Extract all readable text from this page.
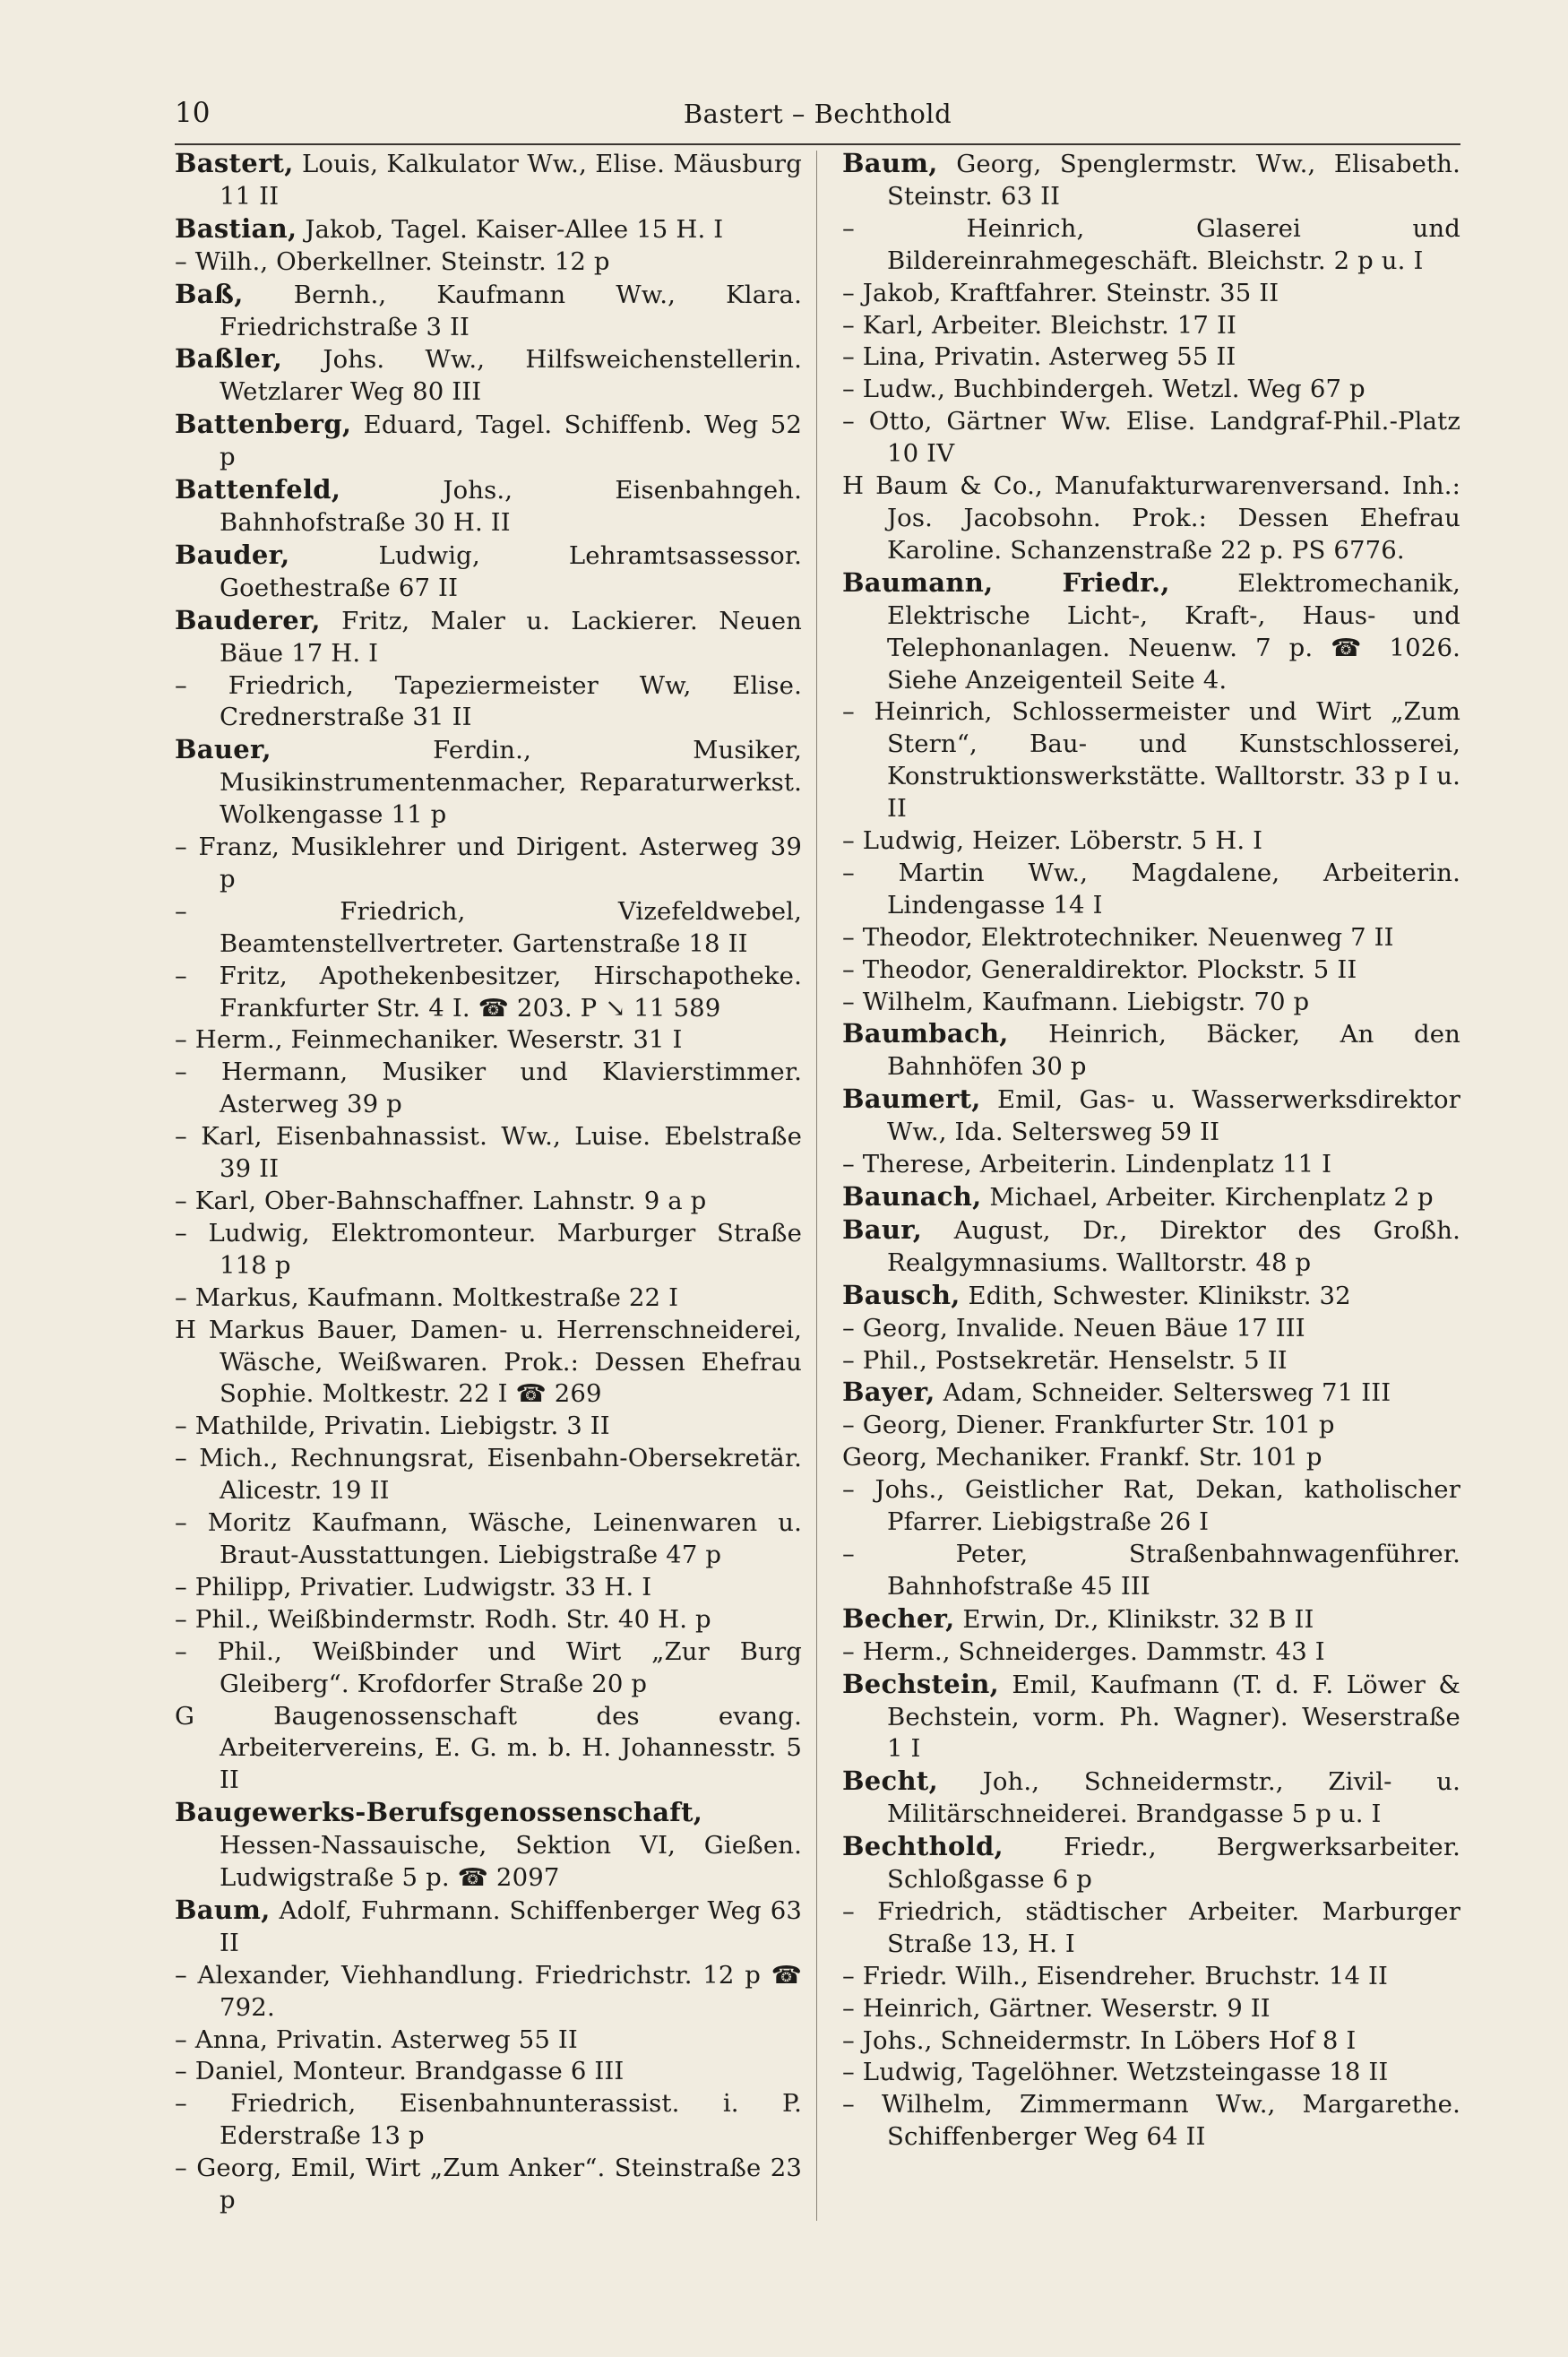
10	Bastert – Bechthold
Bastert, Louis, Kalkulator Ww., Elise. Mäusburg 11 II
Bastian, Jakob, Tagel. Kaiser-Allee 15 H. I
– Wilh., Oberkellner. Steinstr. 12 p
Baß, Bernh., Kaufmann Ww., Klara. Friedrichstraße 3 II
Baßler, Johs. Ww., Hilfsweichenstellerin. Wetzlarer Weg 80 III
Battenberg, Eduard, Tagel. Schiffenb. Weg 52 p
Battenfeld, Johs., Eisenbahngeh. Bahnhofstraße 30 H. II
Bauder, Ludwig, Lehramtsassessor. Goethestraße 67 II
Bauderer, Fritz, Maler u. Lackierer. Neuen Bäue 17 H. I
– Friedrich, Tapeziermeister Ww, Elise. Crednerstraße 31 II
Bauer, Ferdin., Musiker, Musikinstrumentenmacher, Reparaturwerkst. Wolkengasse 11 p
– Franz, Musiklehrer und Dirigent. Asterweg 39 p
– Friedrich, Vizefeldwebel, Beamtenstellvertreter. Gartenstraße 18 II
– Fritz, Apothekenbesitzer, Hirschapotheke. Frankfurter Str. 4 I. ☎ 203. P ↘ 11 589
– Herm., Feinmechaniker. Weserstr. 31 I
– Hermann, Musiker und Klavierstimmer. Asterweg 39 p
– Karl, Eisenbahnassist. Ww., Luise. Ebelstraße 39 II
– Karl, Ober-Bahnschaffner. Lahnstr. 9 a p
– Ludwig, Elektromonteur. Marburger Straße 118 p
– Markus, Kaufmann. Moltkestraße 22 I
H Markus Bauer, Damen- u. Herrenschneiderei, Wäsche, Weißwaren. Prok.: Dessen Ehefrau Sophie. Moltkestr. 22 I ☎ 269
– Mathilde, Privatin. Liebigstr. 3 II
– Mich., Rechnungsrat, Eisenbahn-Obersekretär. Alicestr. 19 II
– Moritz Kaufmann, Wäsche, Leinenwaren u. Braut-Ausstattungen. Liebigstraße 47 p
– Philipp, Privatier. Ludwigstr. 33 H. I
– Phil., Weißbindermstr. Rodh. Str. 40 H. p
– Phil., Weißbinder und Wirt „Zur Burg Gleiberg“. Krofdorfer Straße 20 p
G Baugenossenschaft des evang. Arbeitervereins, E. G. m. b. H. Johannesstr. 5 II
Baugewerks-Berufsgenossenschaft, Hessen-Nassauische, Sektion VI, Gießen. Ludwigstraße 5 p. ☎ 2097
Baum, Adolf, Fuhrmann. Schiffenberger Weg 63 II
– Alexander, Viehhandlung. Friedrichstr. 12 p ☎ 792.
– Anna, Privatin. Asterweg 55 II
– Daniel, Monteur. Brandgasse 6 III
– Friedrich, Eisenbahnunterassist. i. P. Ederstraße 13 p
– Georg, Emil, Wirt „Zum Anker“. Steinstraße 23 p
Baum, Georg, Spenglermstr. Ww., Elisabeth. Steinstr. 63 II
– Heinrich, Glaserei und Bildereinrahmegeschäft. Bleichstr. 2 p u. I
– Jakob, Kraftfahrer. Steinstr. 35 II
– Karl, Arbeiter. Bleichstr. 17 II
– Lina, Privatin. Asterweg 55 II
– Ludw., Buchbindergeh. Wetzl. Weg 67 p
– Otto, Gärtner Ww. Elise. Landgraf-Phil.-Platz 10 IV
H Baum & Co., Manufakturwarenversand. Inh.: Jos. Jacobsohn. Prok.: Dessen Ehefrau Karoline. Schanzenstraße 22 p. PS 6776.
Baumann, Friedr., Elektromechanik, Elektrische Licht-, Kraft-, Haus- und Telephonanlagen. Neuenw. 7 p. ☎ 1026. Siehe Anzeigenteil Seite 4.
– Heinrich, Schlossermeister und Wirt „Zum Stern“, Bau- und Kunstschlosserei, Konstruktionswerkstätte. Walltorstr. 33 p I u. II
– Ludwig, Heizer. Löberstr. 5 H. I
– Martin Ww., Magdalene, Arbeiterin. Lindengasse 14 I
– Theodor, Elektrotechniker. Neuenweg 7 II
– Theodor, Generaldirektor. Plockstr. 5 II
– Wilhelm, Kaufmann. Liebigstr. 70 p
Baumbach, Heinrich, Bäcker, An den Bahnhöfen 30 p
Baumert, Emil, Gas- u. Wasserwerksdirektor Ww., Ida. Seltersweg 59 II
– Therese, Arbeiterin. Lindenplatz 11 I
Baunach, Michael, Arbeiter. Kirchenplatz 2 p
Baur, August, Dr., Direktor des Großh. Realgymnasiums. Walltorstr. 48 p
Bausch, Edith, Schwester. Klinikstr. 32
– Georg, Invalide. Neuen Bäue 17 III
– Phil., Postsekretär. Henselstr. 5 II
Bayer, Adam, Schneider. Seltersweg 71 III
– Georg, Diener. Frankfurter Str. 101 p
Georg, Mechaniker. Frankf. Str. 101 p
– Johs., Geistlicher Rat, Dekan, katholischer Pfarrer. Liebigstraße 26 I
– Peter, Straßenbahnwagenführer. Bahnhofstraße 45 III
Becher, Erwin, Dr., Klinikstr. 32 B II
– Herm., Schneiderges. Dammstr. 43 I
Bechstein, Emil, Kaufmann (T. d. F. Löwer & Bechstein, vorm. Ph. Wagner). Weserstraße 1 I
Becht, Joh., Schneidermstr., Zivil- u. Militärschneiderei. Brandgasse 5 p u. I
Bechthold, Friedr., Bergwerksarbeiter. Schloßgasse 6 p
– Friedrich, städtischer Arbeiter. Marburger Straße 13, H. I
– Friedr. Wilh., Eisendreher. Bruchstr. 14 II
– Heinrich, Gärtner. Weserstr. 9 II
– Johs., Schneidermstr. In Löbers Hof 8 I
– Ludwig, Tagelöhner. Wetzsteingasse 18 II
– Wilhelm, Zimmermann Ww., Margarethe. Schiffenberger Weg 64 II
